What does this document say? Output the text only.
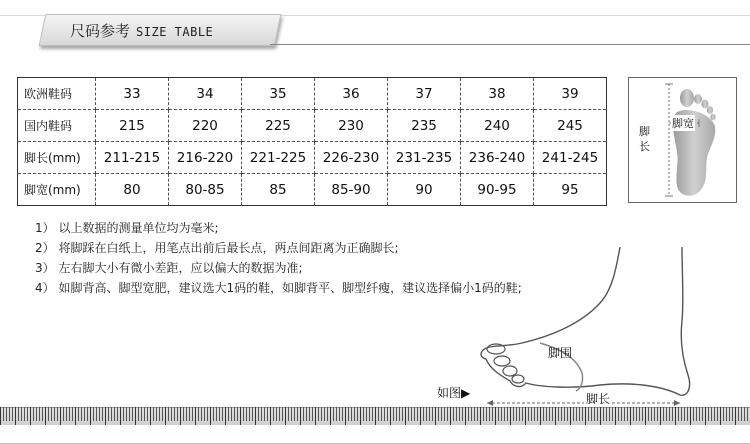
尺码参考 SIZE TABLE
欧洲鞋码	33	34	35	36	37	38	39
国内鞋码	215	220	225	230	235	240	245
脚长(mm)	211-215	216-220	221-225	226-230	231-235	236-240	241-245
脚宽(mm)	80	80-85	85	85-90	90	90-95	95
脚长
脚宽
1） 以上数据的测量单位均为毫米;
2） 将脚踩在白纸上，用笔点出前后最长点，两点间距离为正确脚长;
3） 左右脚大小有微小差距，应以偏大的数据为准;
4） 如脚背高、脚型宽肥，建议选大1码的鞋，如脚背平、脚型纤瘦，建议选择偏小1码的鞋;
脚围
脚长
如图▶
